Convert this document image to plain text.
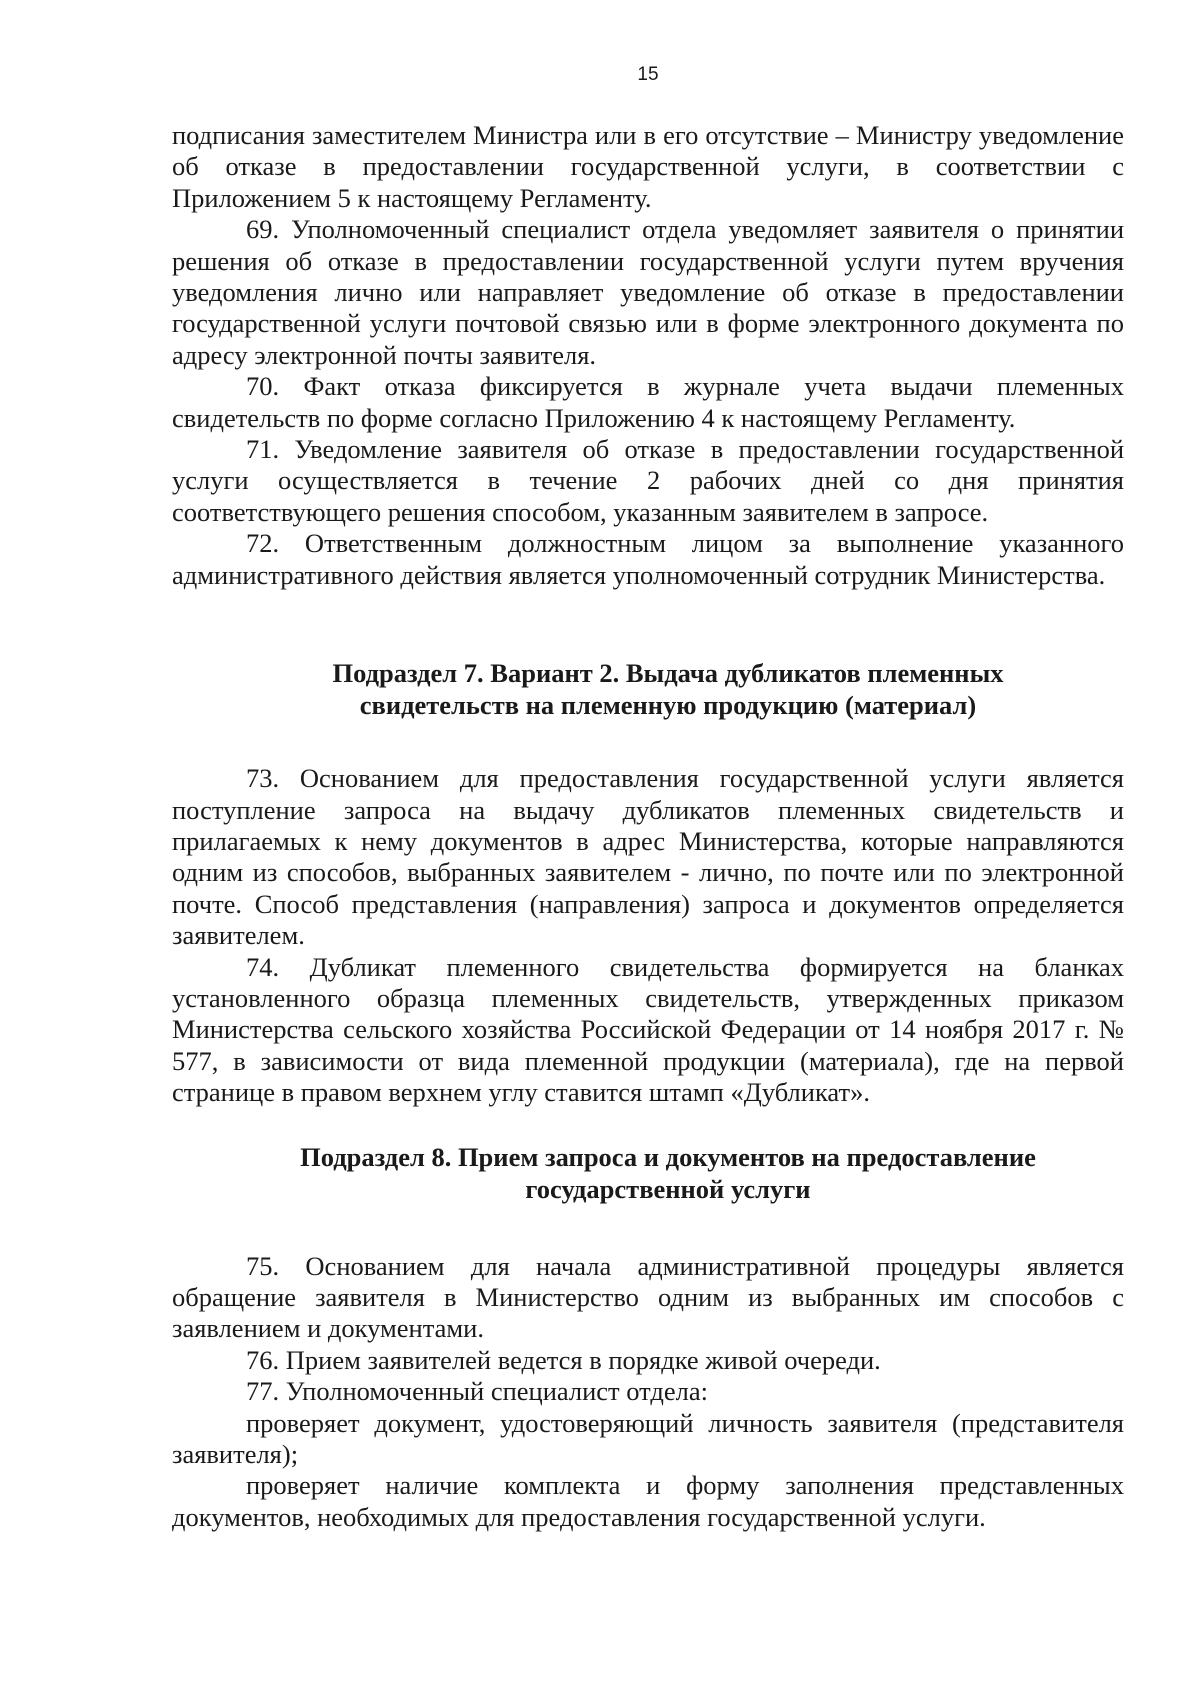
15

подписания заместителем Министра или в его отсутствие – Министру уведомление об отказе в предоставлении государственной услуги, в соответствии с Приложением 5 к настоящему Регламенту.

69. Уполномоченный специалист отдела уведомляет заявителя о принятии решения об отказе в предоставлении государственной услуги путем вручения уведомления лично или направляет уведомление об отказе в предоставлении государственной услуги почтовой связью или в форме электронного документа по адресу электронной почты заявителя.

70. Факт отказа фиксируется в журнале учета выдачи племенных свидетельств по форме согласно Приложению 4 к настоящему Регламенту.

71. Уведомление заявителя об отказе в предоставлении государственной услуги осуществляется в течение 2 рабочих дней со дня принятия соответствующего решения способом, указанным заявителем в запросе.

72. Ответственным должностным лицом за выполнение указанного административного действия является уполномоченный сотрудник Министерства.

Подраздел 7. Вариант 2. Выдача дубликатов племенных
свидетельств на племенную продукцию (материал)

73. Основанием для предоставления государственной услуги является поступление запроса на выдачу дубликатов племенных свидетельств и прилагаемых к нему документов в адрес Министерства, которые направляются одним из способов, выбранных заявителем - лично, по почте или по электронной почте. Способ представления (направления) запроса и документов определяется заявителем.

74. Дубликат племенного свидетельства формируется на бланках установленного образца племенных свидетельств, утвержденных приказом Министерства сельского хозяйства Российской Федерации от 14 ноября 2017 г. № 577, в зависимости от вида племенной продукции (материала), где на первой странице в правом верхнем углу ставится штамп «Дубликат».

Подраздел 8. Прием запроса и документов на предоставление
государственной услуги

75. Основанием для начала административной процедуры является обращение заявителя в Министерство одним из выбранных им способов с заявлением и документами.

76. Прием заявителей ведется в порядке живой очереди.

77. Уполномоченный специалист отдела:

проверяет документ, удостоверяющий личность заявителя (представителя заявителя);

проверяет наличие комплекта и форму заполнения представленных документов, необходимых для предоставления государственной услуги.
